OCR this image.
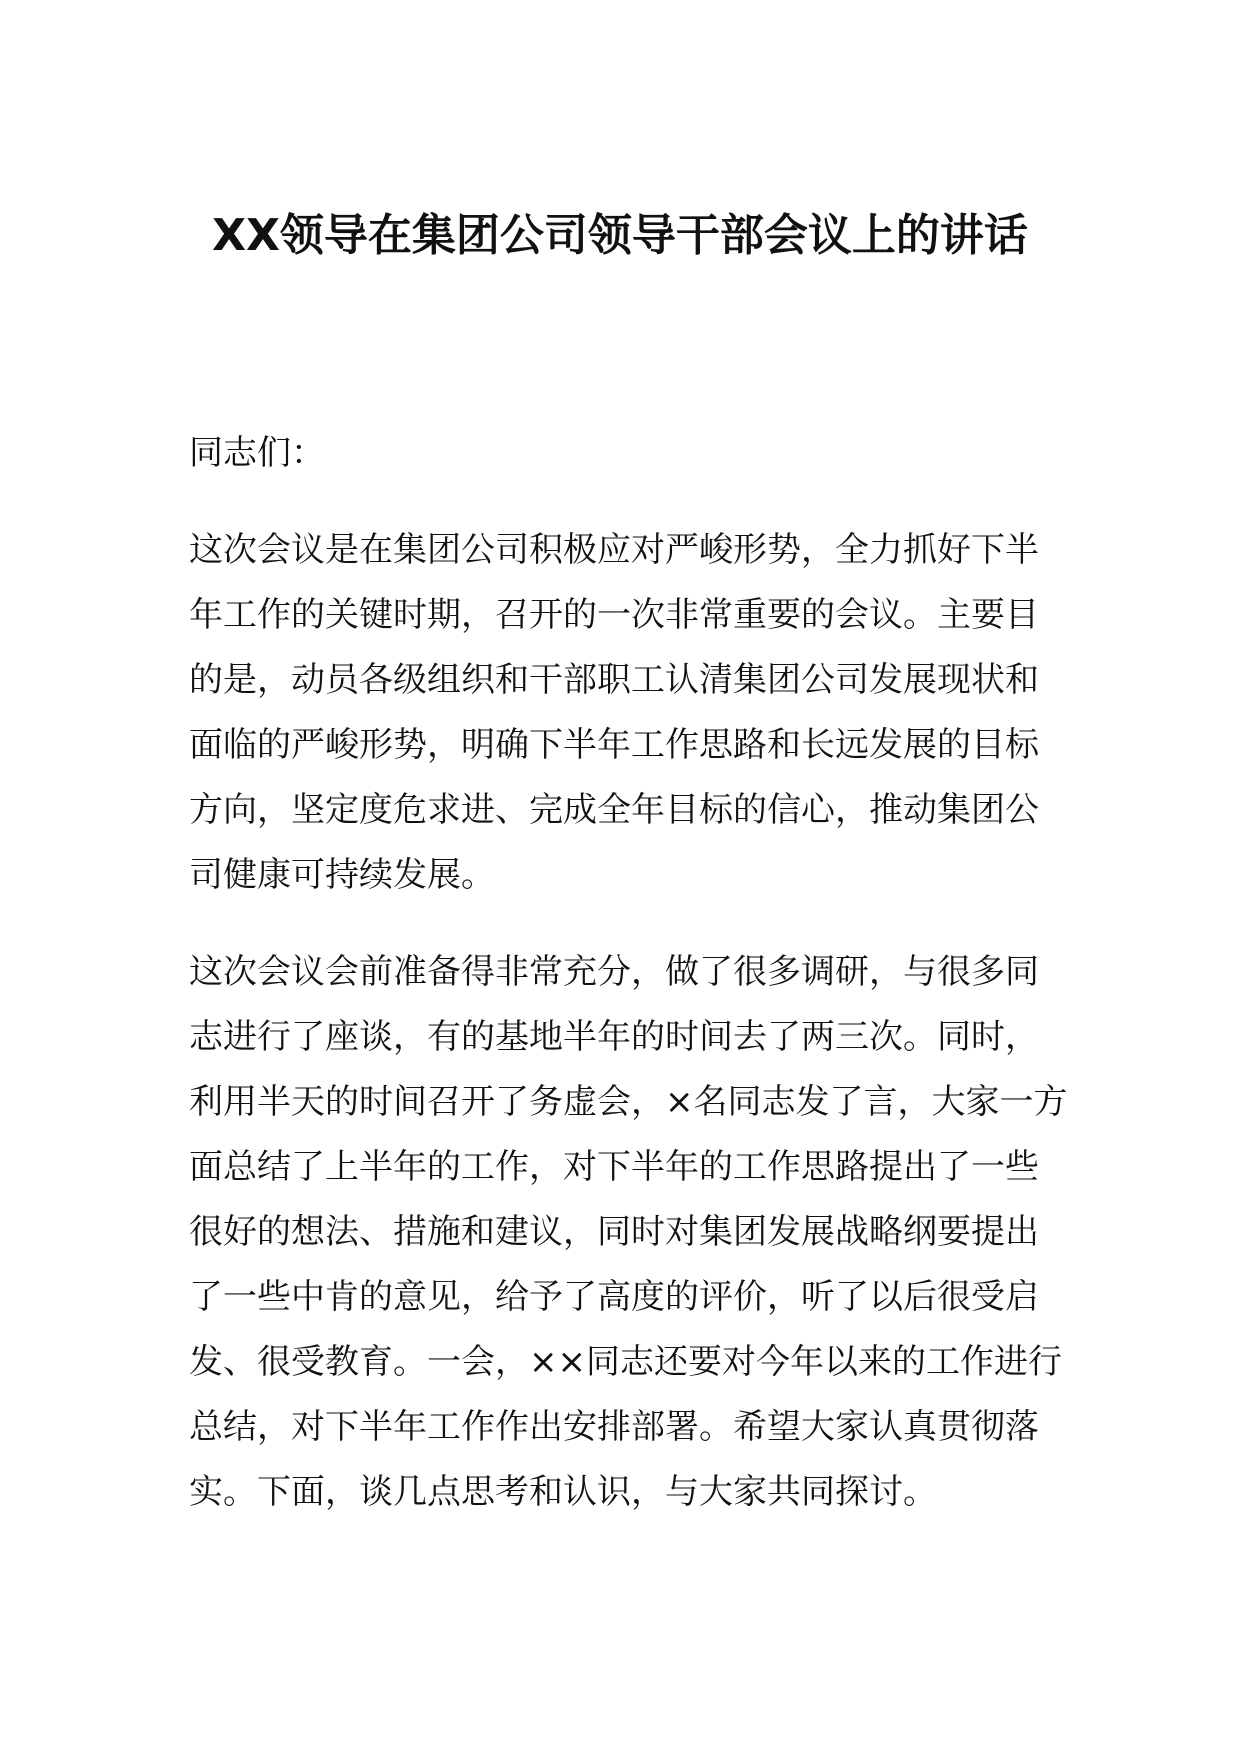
XX领导在集团公司领导干部会议上的讲话
同志们：
这次会议是在集团公司积极应对严峻形势，全力抓好下半
年工作的关键时期，召开的一次非常重要的会议。主要目
的是，动员各级组织和干部职工认清集团公司发展现状和
面临的严峻形势，明确下半年工作思路和长远发展的目标
方向，坚定度危求进、完成全年目标的信心，推动集团公
司健康可持续发展。
这次会议会前准备得非常充分，做了很多调研，与很多同
志进行了座谈，有的基地半年的时间去了两三次。同时，
利用半天的时间召开了务虚会，×名同志发了言，大家一方
面总结了上半年的工作，对下半年的工作思路提出了一些
很好的想法、措施和建议，同时对集团发展战略纲要提出
了一些中肯的意见，给予了高度的评价，听了以后很受启
发、很受教育。一会，××同志还要对今年以来的工作进行
总结，对下半年工作作出安排部署。希望大家认真贯彻落
实。下面，谈几点思考和认识，与大家共同探讨。
